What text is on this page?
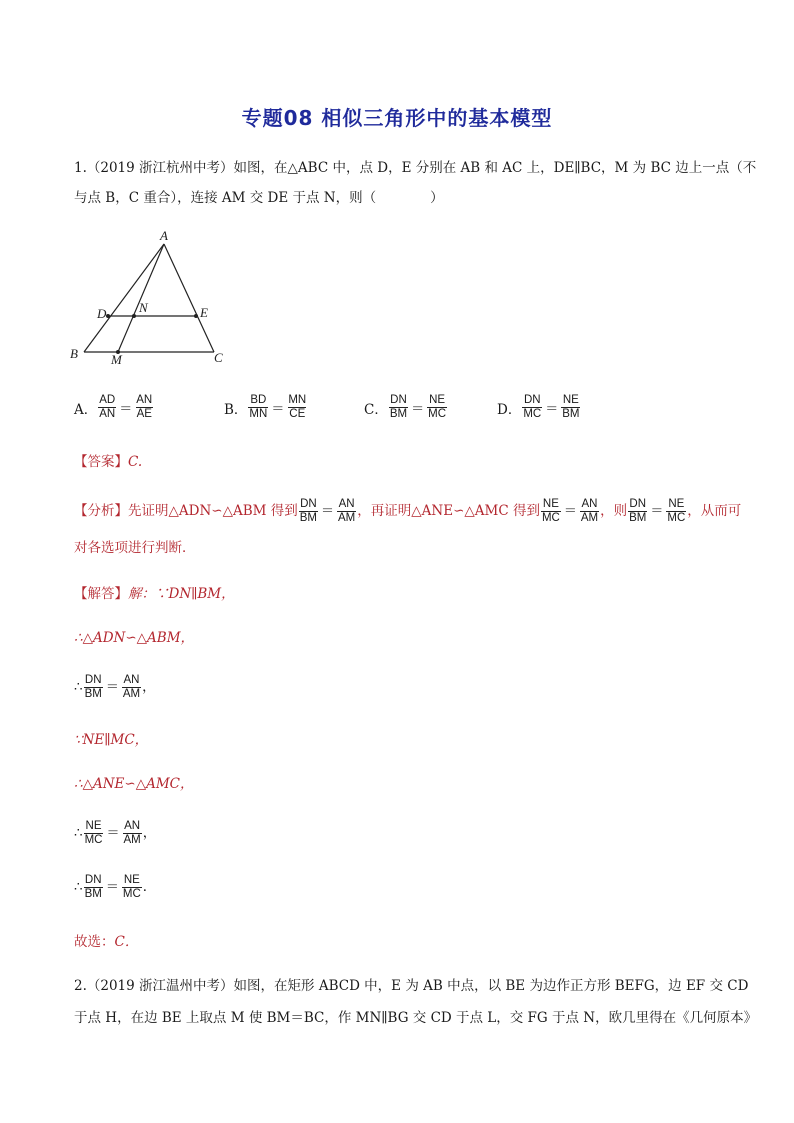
专题08 相似三角形中的基本模型
1.（2019 浙江杭州中考）如图，在△ABC 中，点 D，E 分别在 AB 和 AC 上，DE∥BC，M 为 BC 边上一点（不
与点 B，C 重合），连接 AM 交 DE 于点 N，则（　　　　）
A
B	C
D	E
N
M
A． $\frac{AD}{AN} = \frac{AN}{AE}$	B． $\frac{BD}{MN} = \frac{MN}{CE}$	C． $\frac{DN}{BM} = \frac{NE}{MC}$	D． $\frac{DN}{MC} = \frac{NE}{BM}$
【答案】C.
【分析】先证明△ADN∽△ABM 得到 $\frac{DN}{BM} = \frac{AN}{AM}$ ，再证明△ANE∽△AMC 得到 $\frac{NE}{MC} = \frac{AN}{AM}$ ，则 $\frac{DN}{BM} = \frac{NE}{MC}$ ，从而可
对各选项进行判断．
【解答】解：∵DN∥BM，
∴△ADN∽△ABM，
∴ $\frac{DN}{BM} = \frac{AN}{AM}$ ，
∵NE∥MC，
∴△ANE∽△AMC，
∴ $\frac{NE}{MC} = \frac{AN}{AM}$ ，
∴ $\frac{DN}{BM} = \frac{NE}{MC}$ ．
故选：C．
2.（2019 浙江温州中考）如图，在矩形 ABCD 中，E 为 AB 中点，以 BE 为边作正方形 BEFG，边 EF 交 CD
于点 H，在边 BE 上取点 M 使 BM＝BC，作 MN∥BG 交 CD 于点 L，交 FG 于点 N，欧几里得在《几何原本》
